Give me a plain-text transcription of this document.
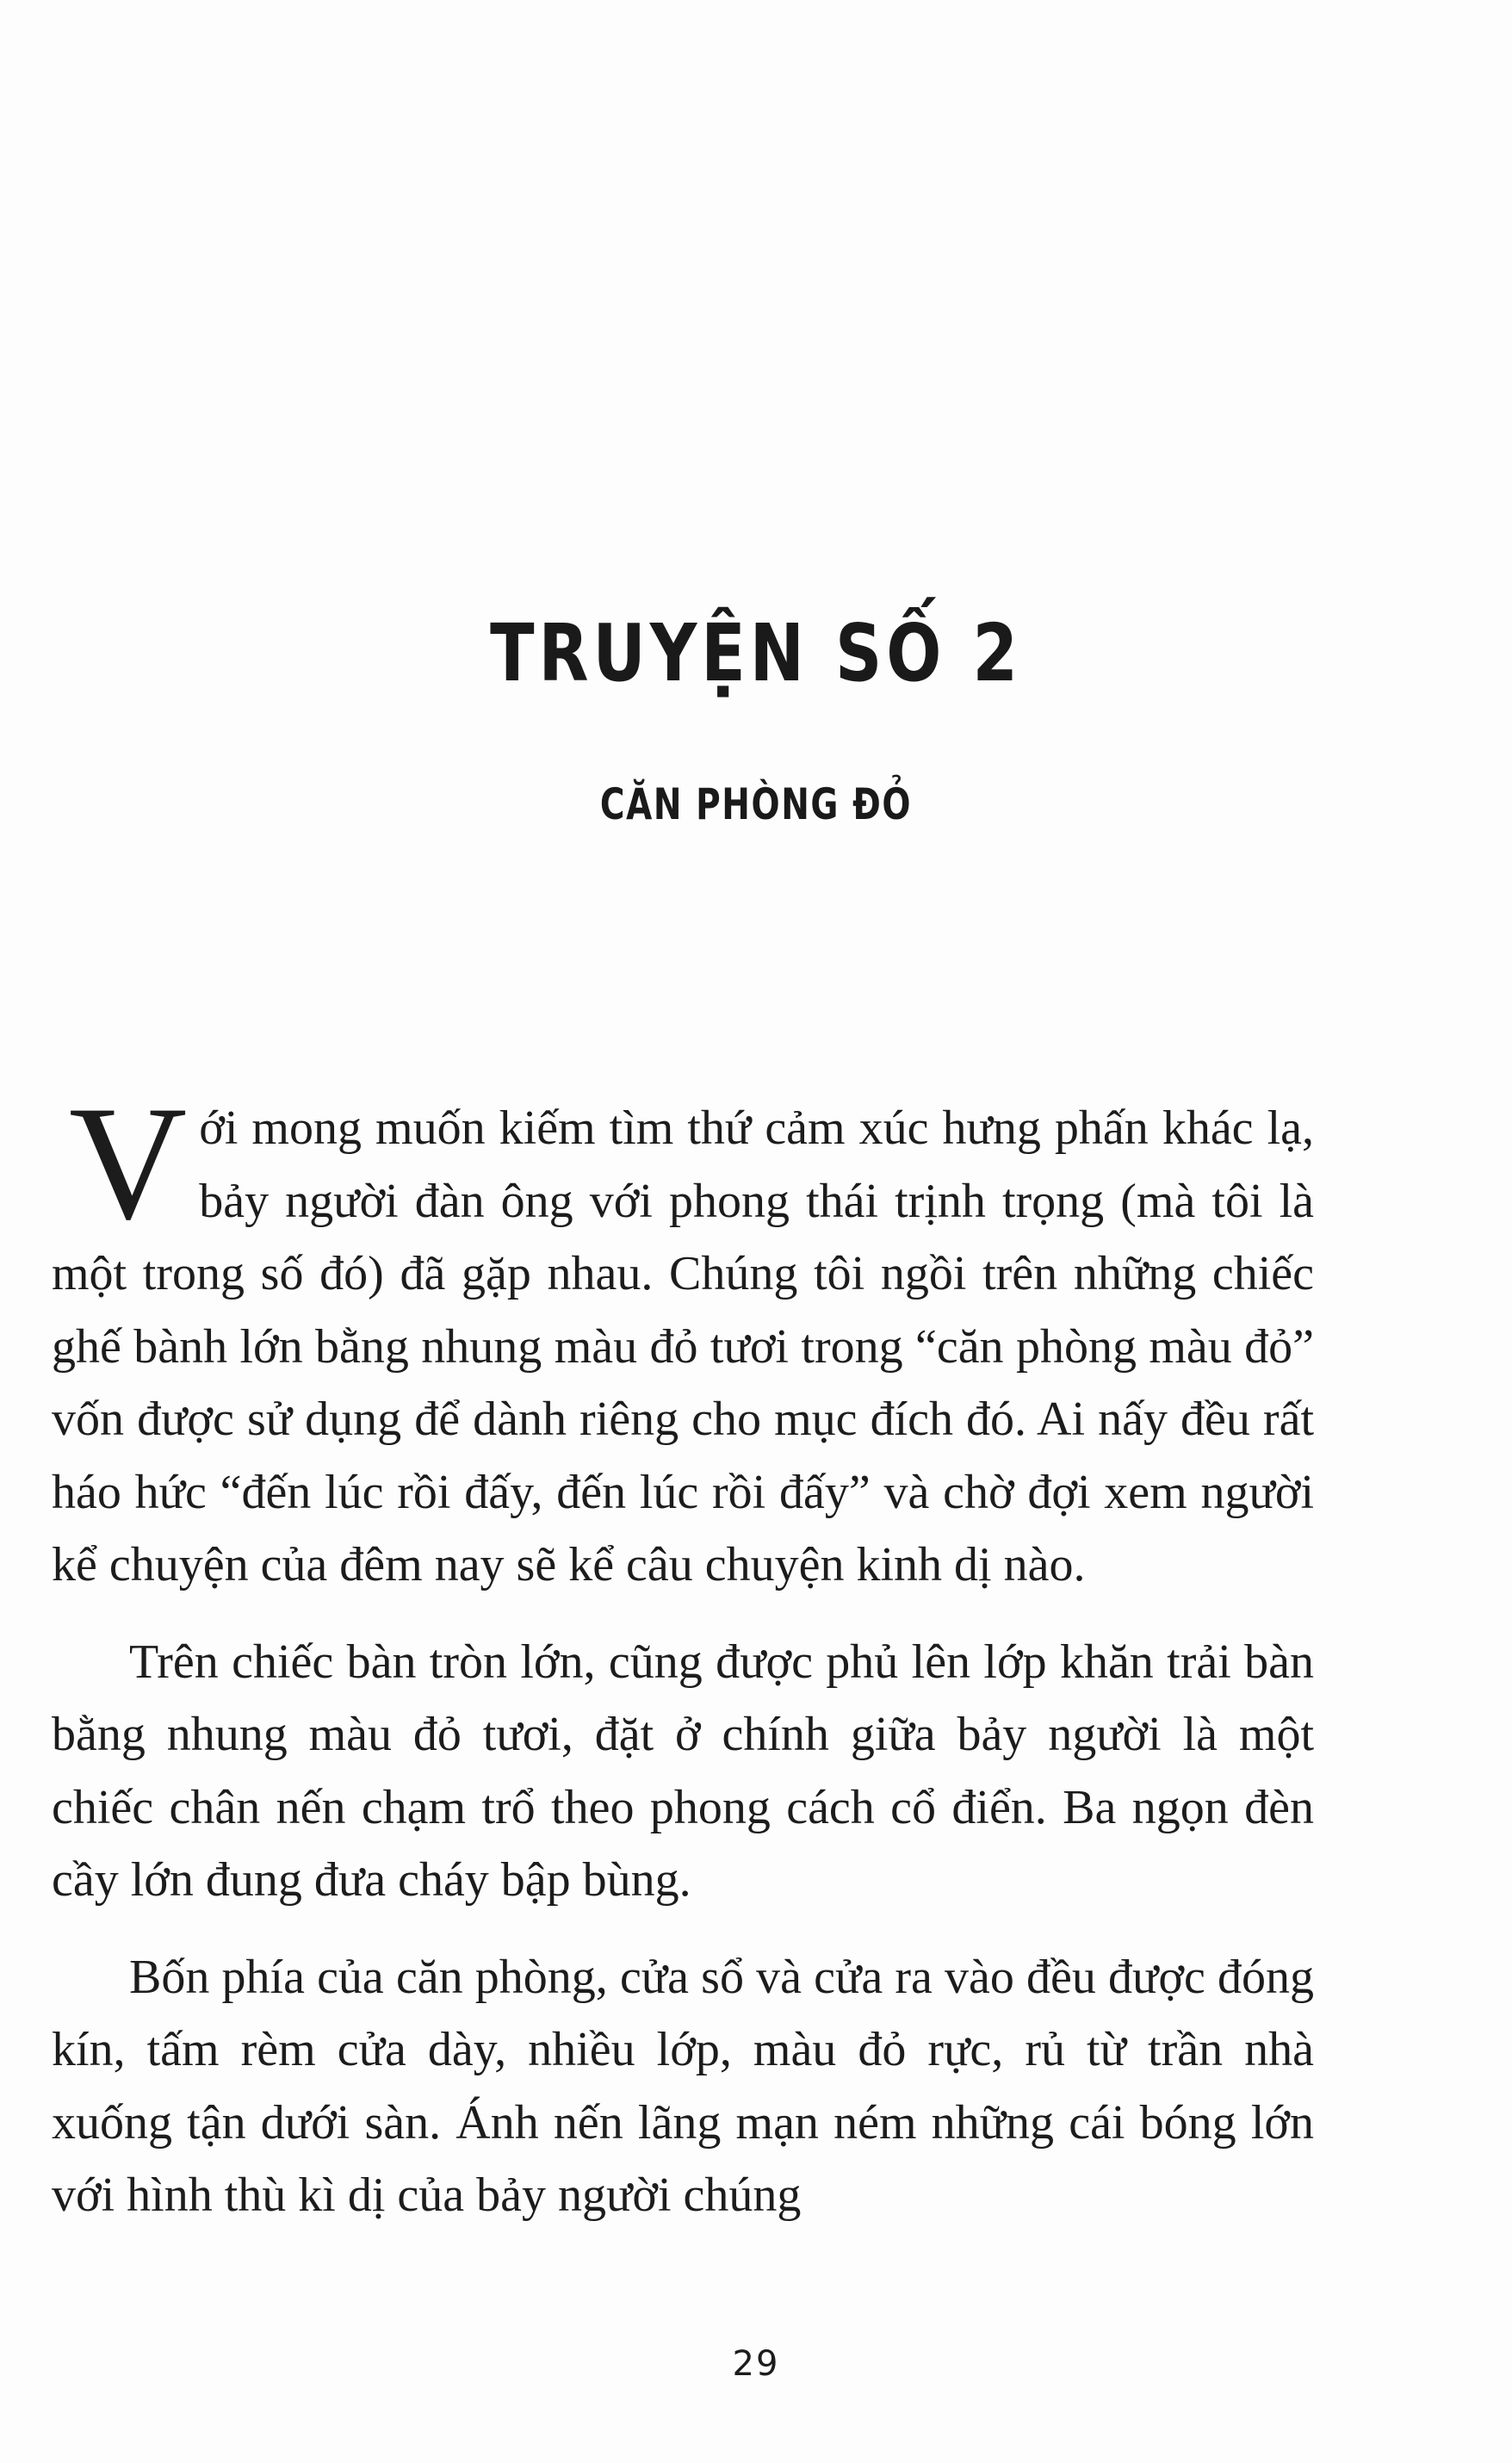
TRUYỆN SỐ 2
CĂN PHÒNG ĐỎ

Với mong muốn kiếm tìm thứ cảm xúc hưng phấn khác lạ, bảy người đàn ông với phong thái trịnh trọng (mà tôi là một trong số đó) đã gặp nhau. Chúng tôi ngồi trên những chiếc ghế bành lớn bằng nhung màu đỏ tươi trong “căn phòng màu đỏ” vốn được sử dụng để dành riêng cho mục đích đó. Ai nấy đều rất háo hức “đến lúc rồi đấy, đến lúc rồi đấy” và chờ đợi xem người kể chuyện của đêm nay sẽ kể câu chuyện kinh dị nào.

Trên chiếc bàn tròn lớn, cũng được phủ lên lớp khăn trải bàn bằng nhung màu đỏ tươi, đặt ở chính giữa bảy người là một chiếc chân nến chạm trổ theo phong cách cổ điển. Ba ngọn đèn cầy lớn đung đưa cháy bập bùng.

Bốn phía của căn phòng, cửa sổ và cửa ra vào đều được đóng kín, tấm rèm cửa dày, nhiều lớp, màu đỏ rực, rủ từ trần nhà xuống tận dưới sàn. Ánh nến lãng mạn ném những cái bóng lớn với hình thù kì dị của bảy người chúng

29
